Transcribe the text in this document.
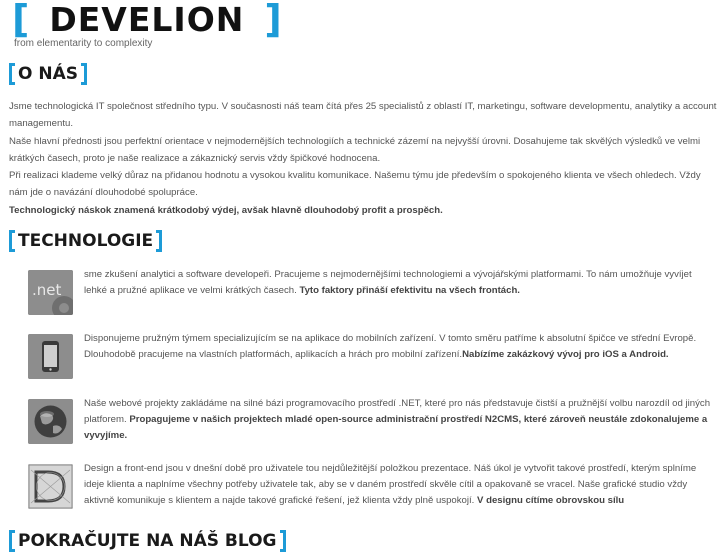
[ DEVELION ]
from elementarity to complexity
O NÁS

Jsme technologická IT společnost středního typu. V současnosti náš team čítá přes 25 specialistů z oblastí IT, marketingu, software developmentu, analytiky a account managementu.

Naše hlavní přednosti jsou perfektní orientace v nejmodernějších technologiích a technické zázemí na nejvyšší úrovni. Dosahujeme tak skvělých výsledků ve velmi krátkých časech, proto je naše realizace a zákaznický servis vždy špičkové hodnocena.

Při realizaci klademe velký důraz na přidanou hodnotu a vysokou kvalitu komunikace. Našemu týmu jde především o spokojeného klienta ve všech ohledech. Vždy nám jde o navázání dlouhodobé spolupráce.

Technologický náskok znamená krátkodobý výdej, avšak hlavně dlouhodobý profit a prospěch.

TECHNOLOGIE
.net
sme zkušení analytici a software developeři. Pracujeme s nejmodernějšími technologiemi a vývojářskými platformami. To nám umožňuje vyvíjet lehké a pružné aplikace ve velmi krátkých časech. Tyto faktory přináší efektivitu na všech frontách.
Disponujeme pružným týmem specializujícím se na aplikace do mobilních zařízení. V tomto směru patříme k absolutní špičce ve střední Evropě. Dlouhodobě pracujeme na vlastních platformách, aplikacích a hrách pro mobilní zařízení.Nabízíme zakázkový vývoj pro iOS a Android.
Naše webové projekty zakládáme na silné bázi programovacího prostředí .NET, které pro nás představuje čistší a pružnější volbu narozdíl od jiných platforem. Propagujeme v našich projektech mladé open-source administrační prostředí N2CMS, které zároveň neustále zdokonalujeme a vyvyjíme.
Design a front-end jsou v dnešní době pro uživatele tou nejdůležitější položkou prezentace. Náš úkol je vytvořit takové prostředí, kterým splníme ideje klienta a naplníme všechny potřeby uživatele tak, aby se v daném prostředí skvěle cítil a opakovaně se vracel. Naše grafické studio vždy aktivně komunikuje s klientem a najde takové grafické řešení, jež klienta vždy plně uspokojí. V designu cítíme obrovskou sílu
POKRAČUJTE NA NÁŠ BLOG
